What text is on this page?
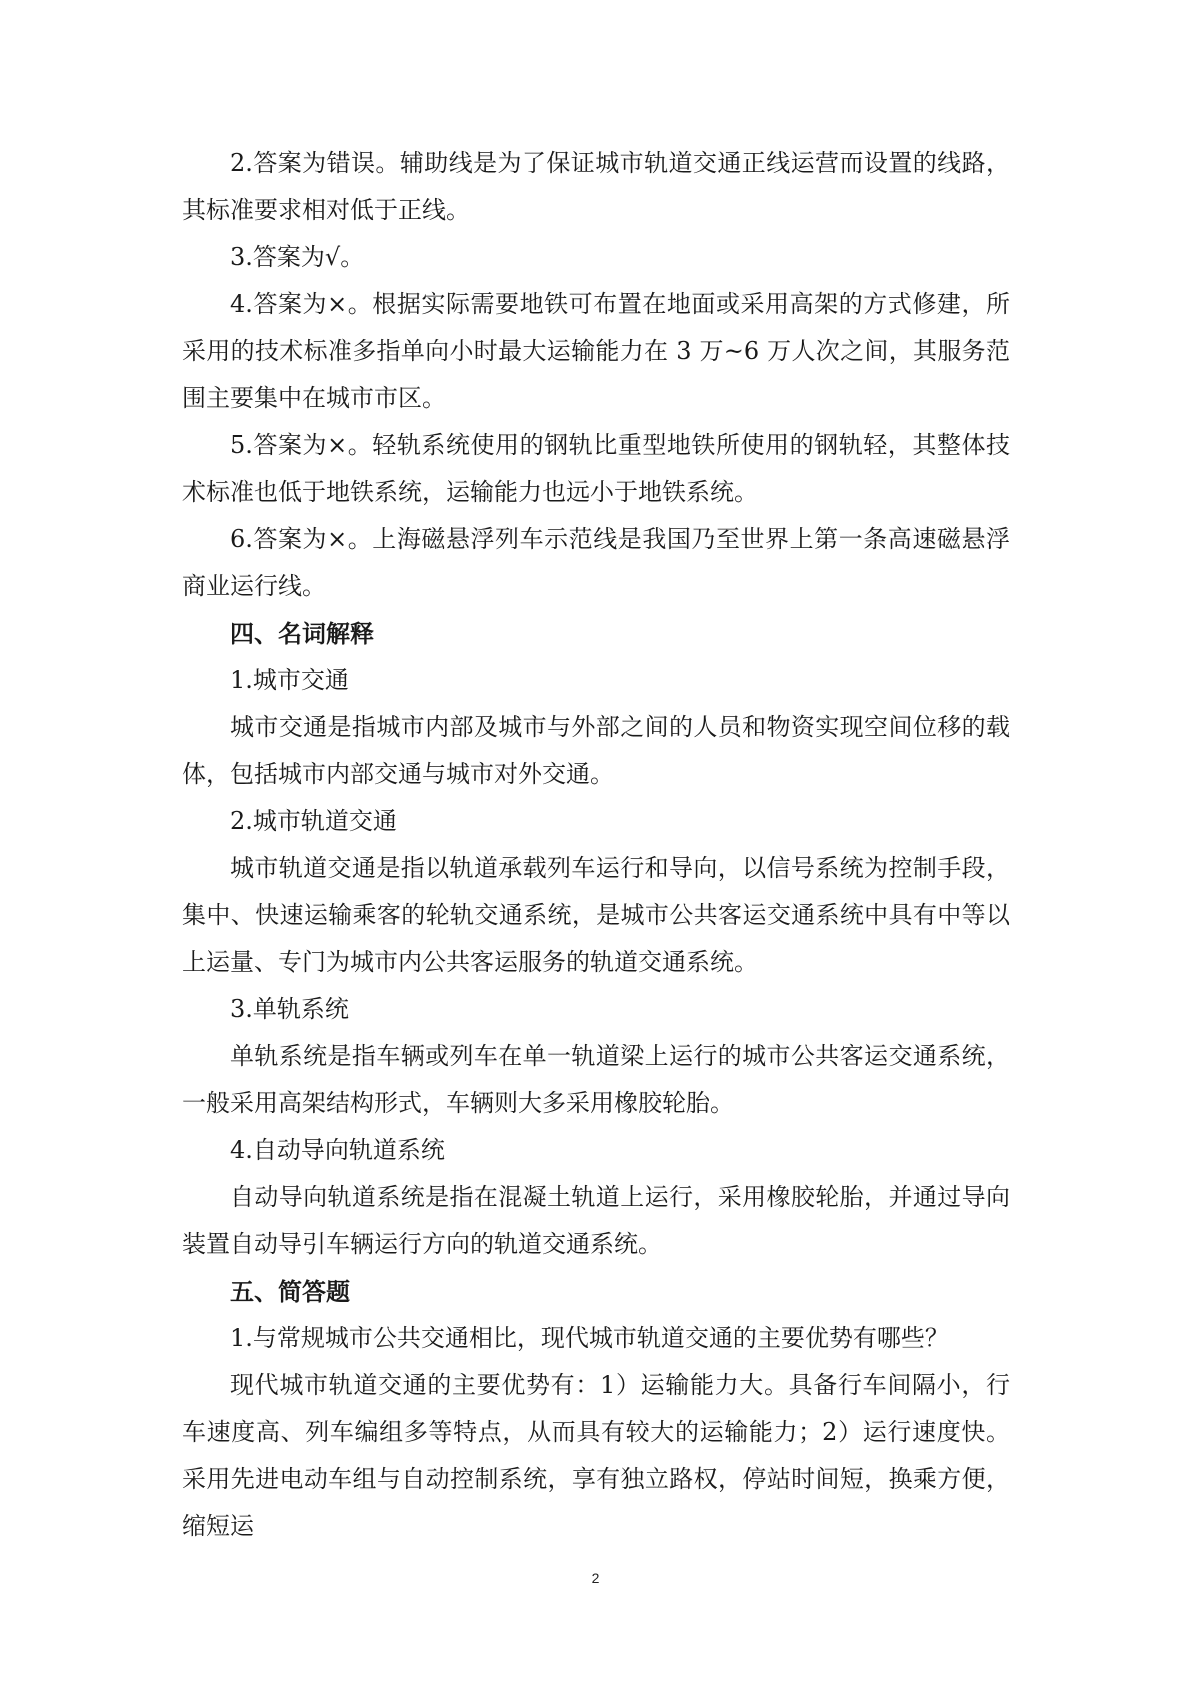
2.答案为错误。辅助线是为了保证城市轨道交通正线运营而设置的线路，其标准要求相对低于正线。

3.答案为√。

4.答案为×。根据实际需要地铁可布置在地面或采用高架的方式修建，所采用的技术标准多指单向小时最大运输能力在 3 万~6 万人次之间，其服务范围主要集中在城市市区。

5.答案为×。轻轨系统使用的钢轨比重型地铁所使用的钢轨轻，其整体技术标准也低于地铁系统，运输能力也远小于地铁系统。

6.答案为×。上海磁悬浮列车示范线是我国乃至世界上第一条高速磁悬浮商业运行线。

四、名词解释

1.城市交通

城市交通是指城市内部及城市与外部之间的人员和物资实现空间位移的载体，包括城市内部交通与城市对外交通。

2.城市轨道交通

城市轨道交通是指以轨道承载列车运行和导向，以信号系统为控制手段，集中、快速运输乘客的轮轨交通系统，是城市公共客运交通系统中具有中等以上运量、专门为城市内公共客运服务的轨道交通系统。

3.单轨系统

单轨系统是指车辆或列车在单一轨道梁上运行的城市公共客运交通系统，一般采用高架结构形式，车辆则大多采用橡胶轮胎。

4.自动导向轨道系统

自动导向轨道系统是指在混凝土轨道上运行，采用橡胶轮胎，并通过导向装置自动导引车辆运行方向的轨道交通系统。

五、简答题

1.与常规城市公共交通相比，现代城市轨道交通的主要优势有哪些？

现代城市轨道交通的主要优势有：1）运输能力大。具备行车间隔小，行车速度高、列车编组多等特点，从而具有较大的运输能力；2）运行速度快。采用先进电动车组与自动控制系统，享有独立路权，停站时间短，换乘方便，缩短运

2
